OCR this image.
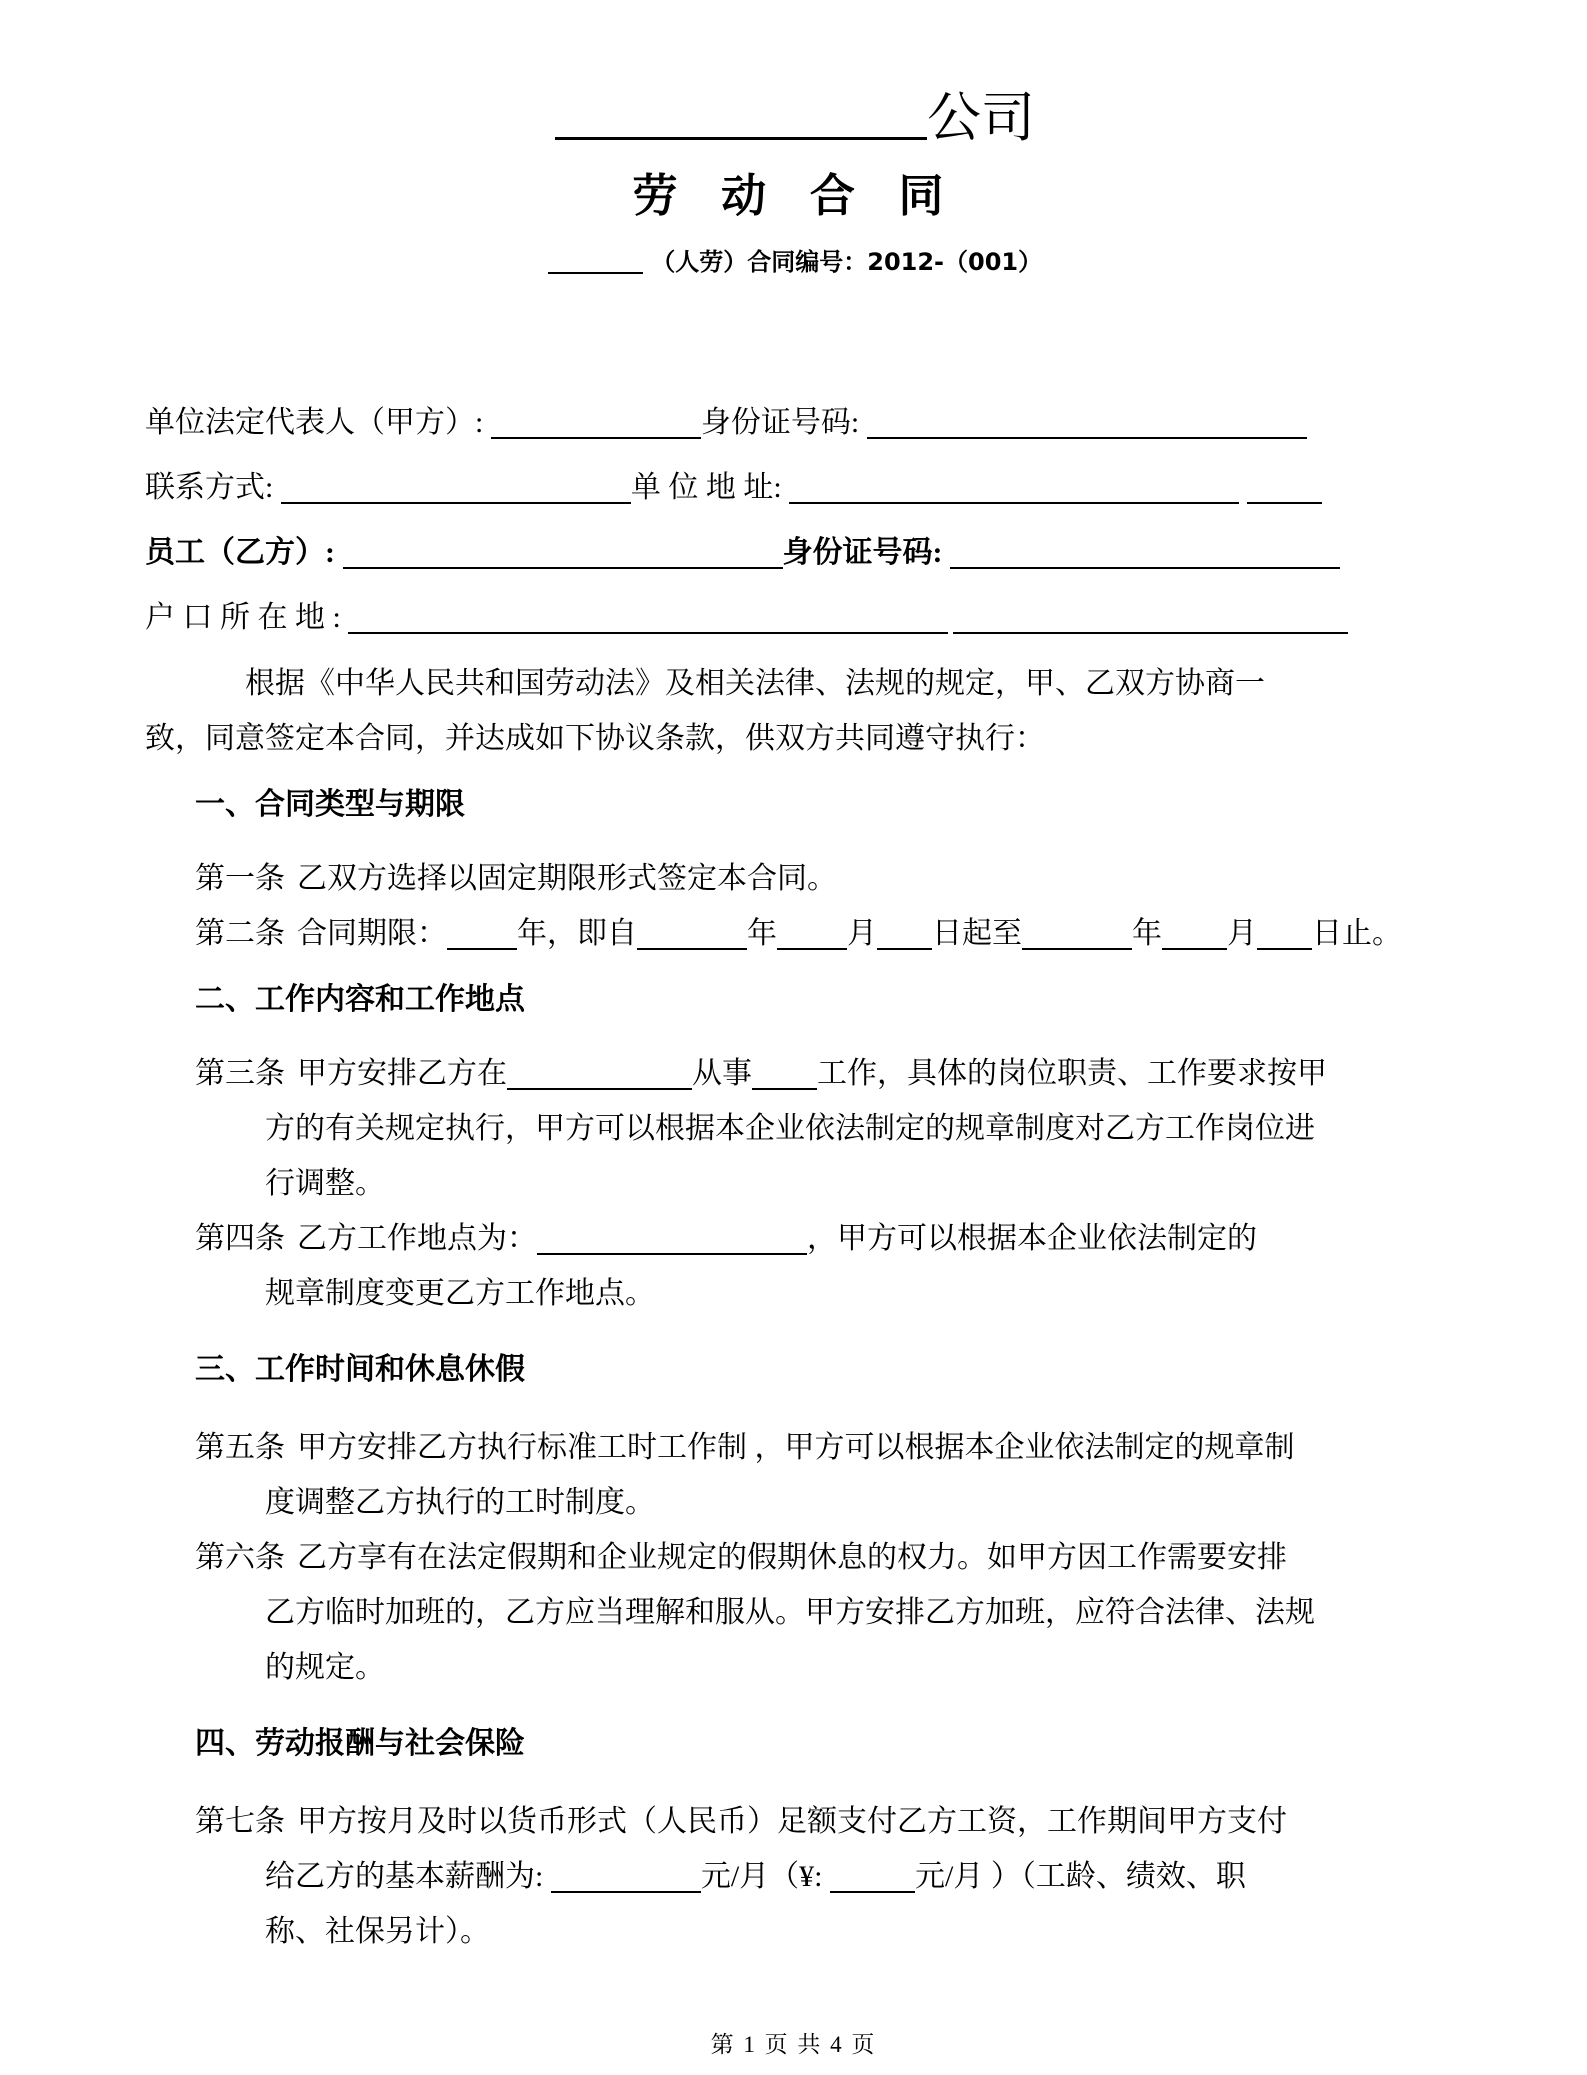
公司
劳 动 合 同
（人劳）合同编号：2012-（001）
单位法定代表人（甲方）:	身份证号码:
联系方式:	单 位 地 址:
员工（乙方）:	身份证号码:
户 口 所 在 地 :
根据《中华人民共和国劳动法》及相关法律、法规的规定，甲、乙双方协商一
致，同意签定本合同，并达成如下协议条款，供双方共同遵守执行：
一、合同类型与期限
第一条 乙双方选择以固定期限形式签定本合同。
第二条 合同期限： 年，即自	年 月 日起至	年 月 日止。
二、工作内容和工作地点
第三条 甲方安排乙方在	从事 工作，具体的岗位职责、工作要求按甲
方的有关规定执行，甲方可以根据本企业依法制定的规章制度对乙方工作岗位进
行调整。
第四条 乙方工作地点为：	，甲方可以根据本企业依法制定的
规章制度变更乙方工作地点。
三、工作时间和休息休假
第五条 甲方安排乙方执行标准工时工作制 ，甲方可以根据本企业依法制定的规章制
度调整乙方执行的工时制度。
第六条 乙方享有在法定假期和企业规定的假期休息的权力。如甲方因工作需要安排
乙方临时加班的，乙方应当理解和服从。甲方安排乙方加班，应符合法律、法规
的规定。
四、劳动报酬与社会保险
第七条 甲方按月及时以货币形式（人民币）足额支付乙方工资，工作期间甲方支付
给乙方的基本薪酬为:	元/月（¥:	元/月 ）（工龄、绩效、职
称、社保另计）。
第 1 页 共 4 页
